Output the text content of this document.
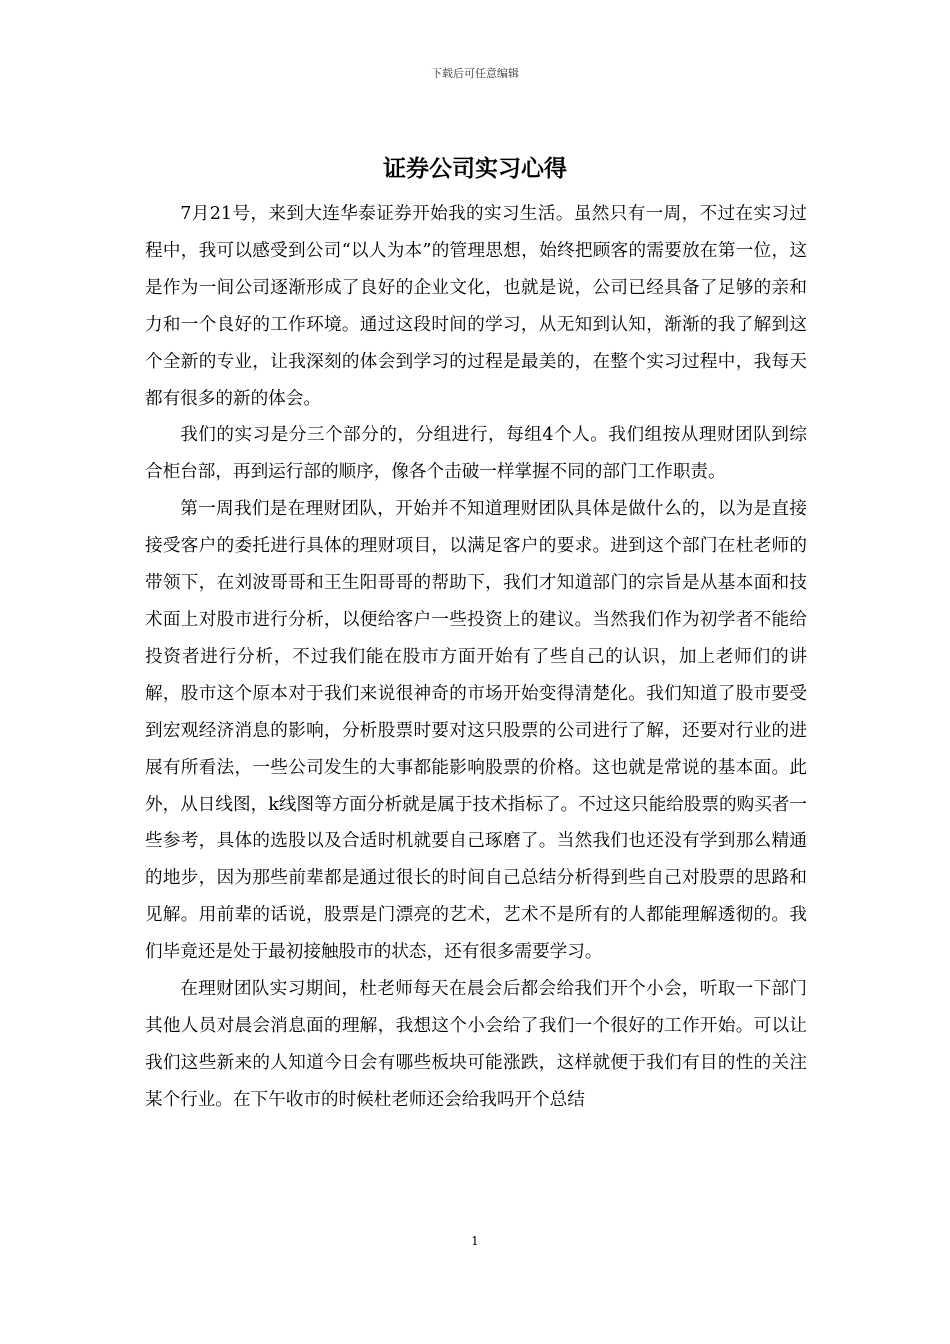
下载后可任意编辑
证券公司实习心得

7月21号，来到大连华泰证券开始我的实习生活。虽然只有一周，不过在实习过程中，我可以感受到公司“以人为本”的管理思想，始终把顾客的需要放在第一位，这是作为一间公司逐渐形成了良好的企业文化，也就是说，公司已经具备了足够的亲和力和一个良好的工作环境。通过这段时间的学习，从无知到认知，渐渐的我了解到这个全新的专业，让我深刻的体会到学习的过程是最美的，在整个实习过程中，我每天都有很多的新的体会。

我们的实习是分三个部分的，分组进行，每组4个人。我们组按从理财团队到综合柜台部，再到运行部的顺序，像各个击破一样掌握不同的部门工作职责。

第一周我们是在理财团队，开始并不知道理财团队具体是做什么的，以为是直接接受客户的委托进行具体的理财项目，以满足客户的要求。进到这个部门在杜老师的带领下，在刘波哥哥和王生阳哥哥的帮助下，我们才知道部门的宗旨是从基本面和技术面上对股市进行分析，以便给客户一些投资上的建议。当然我们作为初学者不能给投资者进行分析，不过我们能在股市方面开始有了些自己的认识，加上老师们的讲解，股市这个原本对于我们来说很神奇的市场开始变得清楚化。我们知道了股市要受到宏观经济消息的影响，分析股票时要对这只股票的公司进行了解，还要对行业的进展有所看法，一些公司发生的大事都能影响股票的价格。这也就是常说的基本面。此外，从日线图，k线图等方面分析就是属于技术指标了。不过这只能给股票的购买者一些参考，具体的选股以及合适时机就要自己琢磨了。当然我们也还没有学到那么精通的地步，因为那些前辈都是通过很长的时间自己总结分析得到些自己对股票的思路和见解。用前辈的话说，股票是门漂亮的艺术，艺术不是所有的人都能理解透彻的。我们毕竟还是处于最初接触股市的状态，还有很多需要学习。

在理财团队实习期间，杜老师每天在晨会后都会给我们开个小会，听取一下部门其他人员对晨会消息面的理解，我想这个小会给了我们一个很好的工作开始。可以让我们这些新来的人知道今日会有哪些板块可能涨跌，这样就便于我们有目的性的关注某个行业。在下午收市的时候杜老师还会给我吗开个总结

1
